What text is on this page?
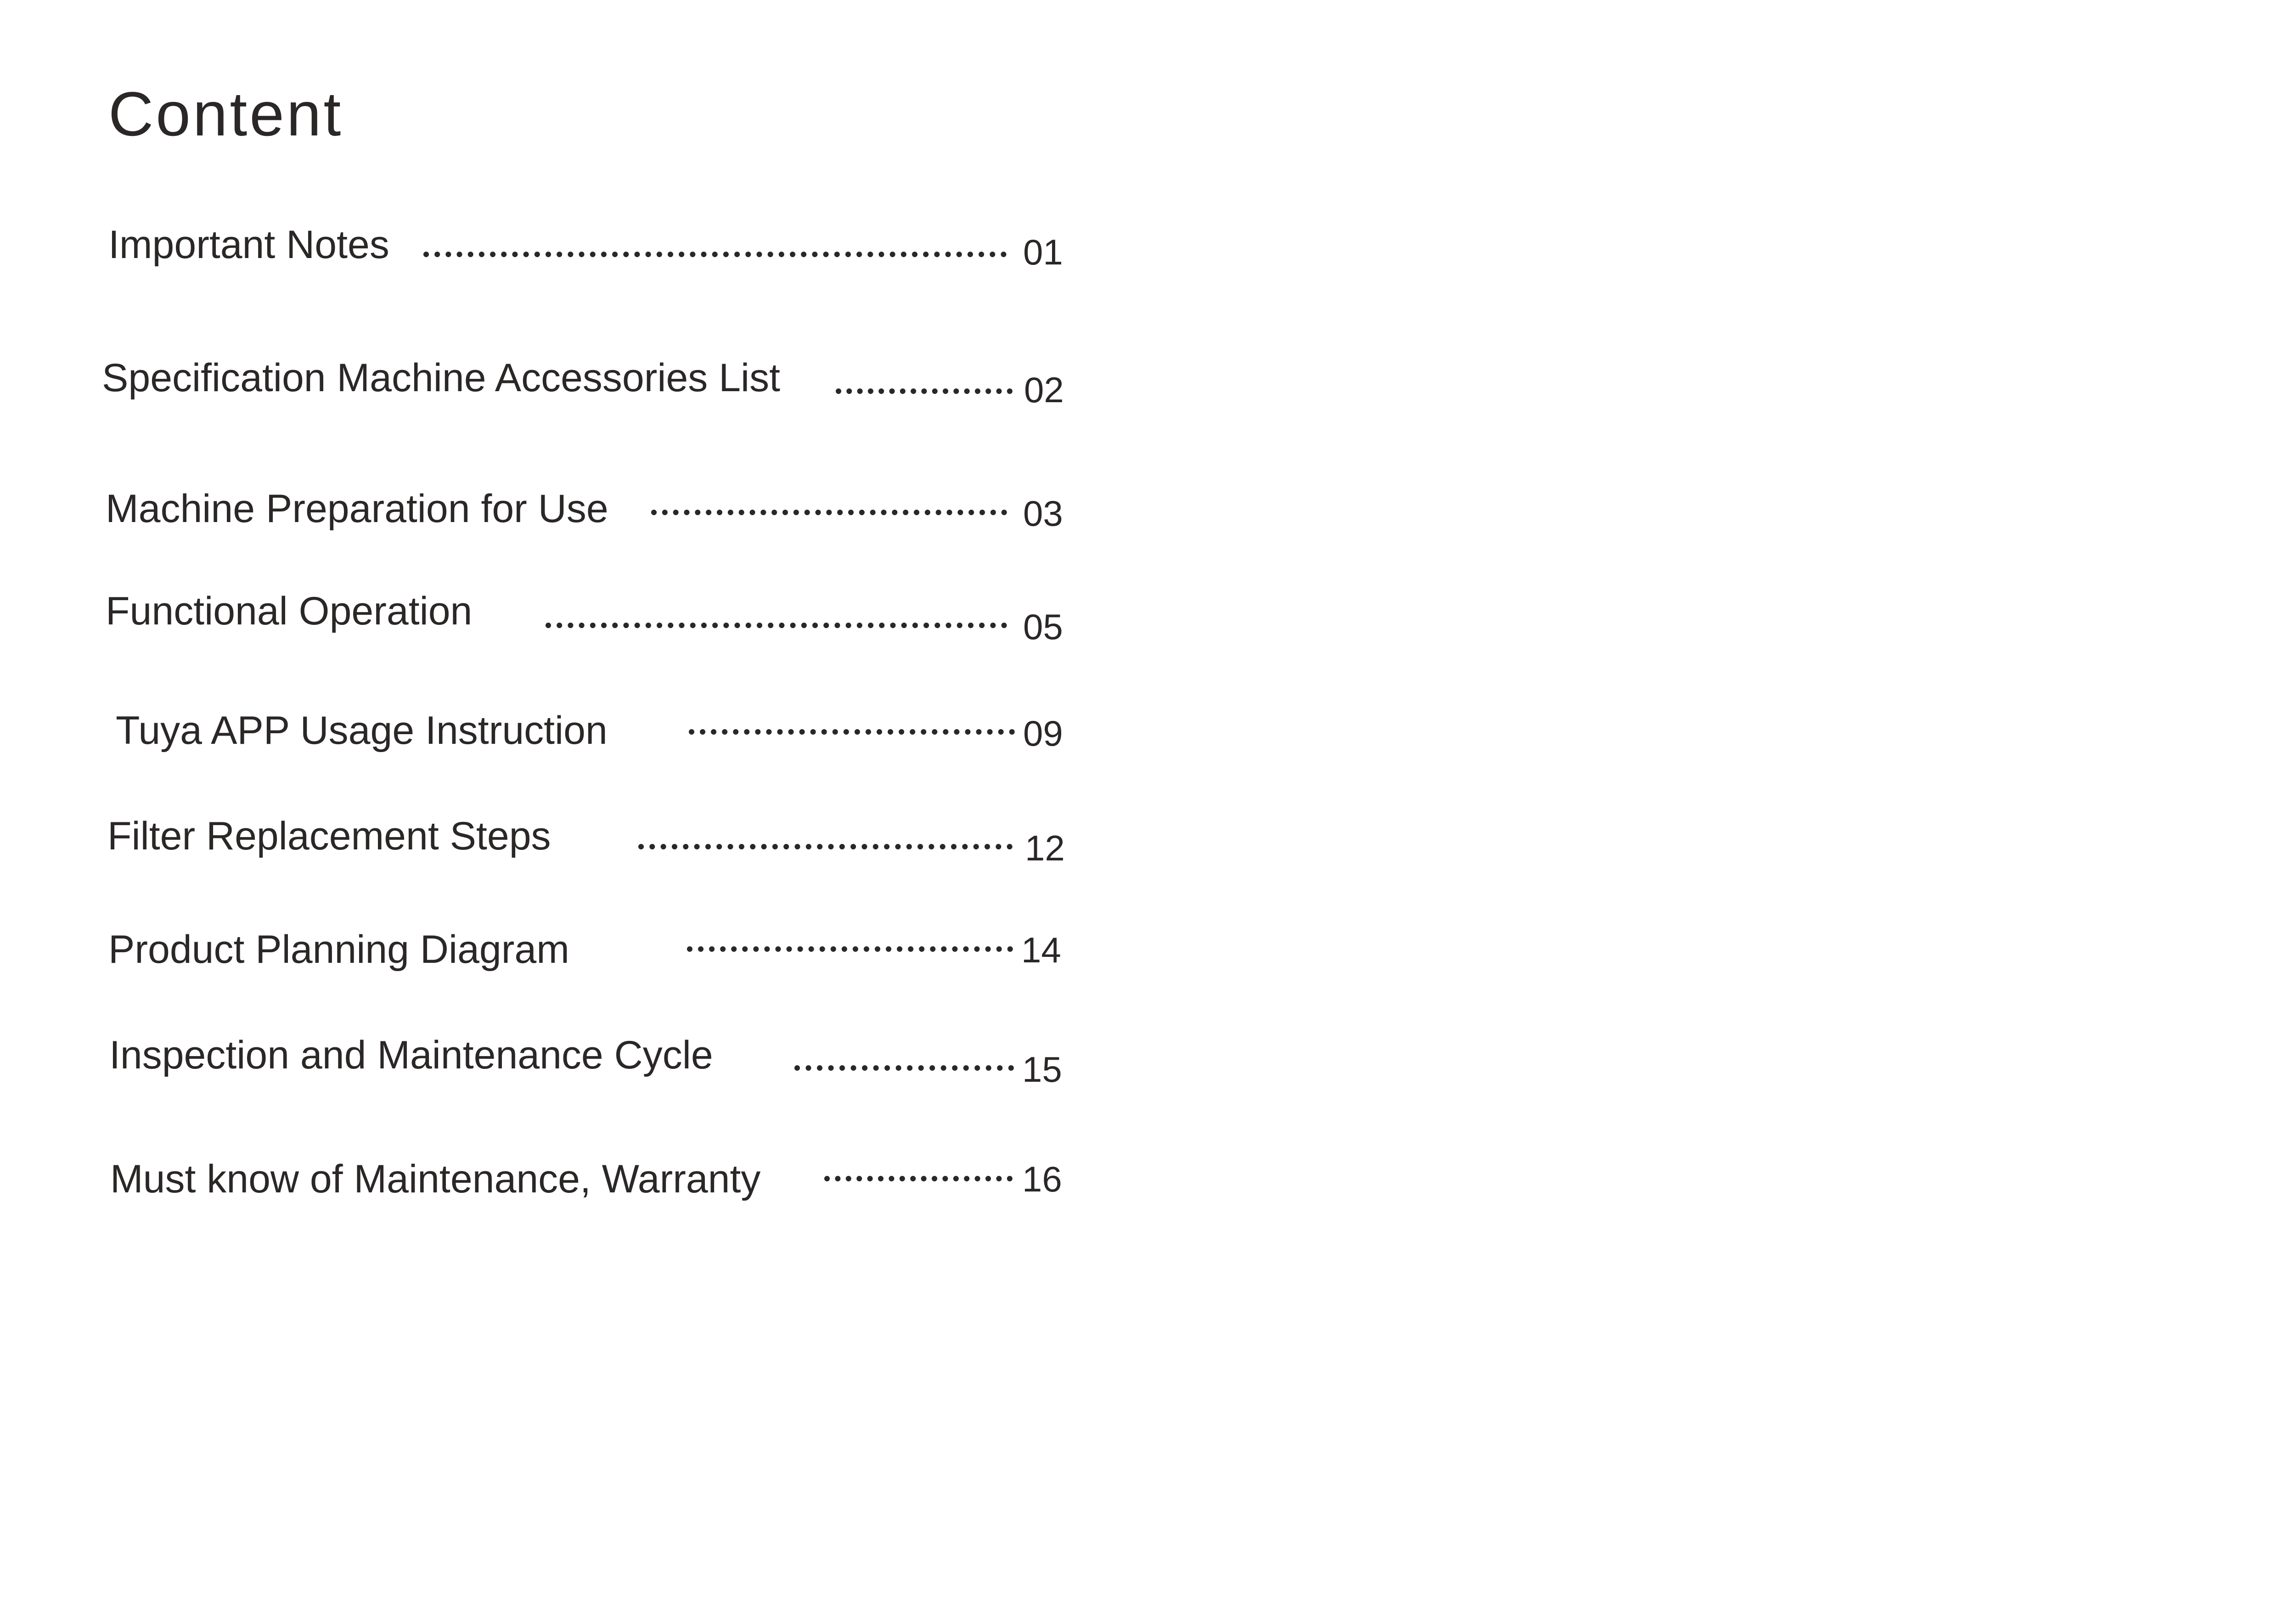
Content
Important Notes	01
Specification Machine Accessories List	02
Machine Preparation for Use	03
Functional Operation	05
Tuya APP Usage Instruction	09
Filter Replacement Steps	12
Product Planning Diagram	14
Inspection and Maintenance Cycle	15
Must know of Maintenance, Warranty	16
